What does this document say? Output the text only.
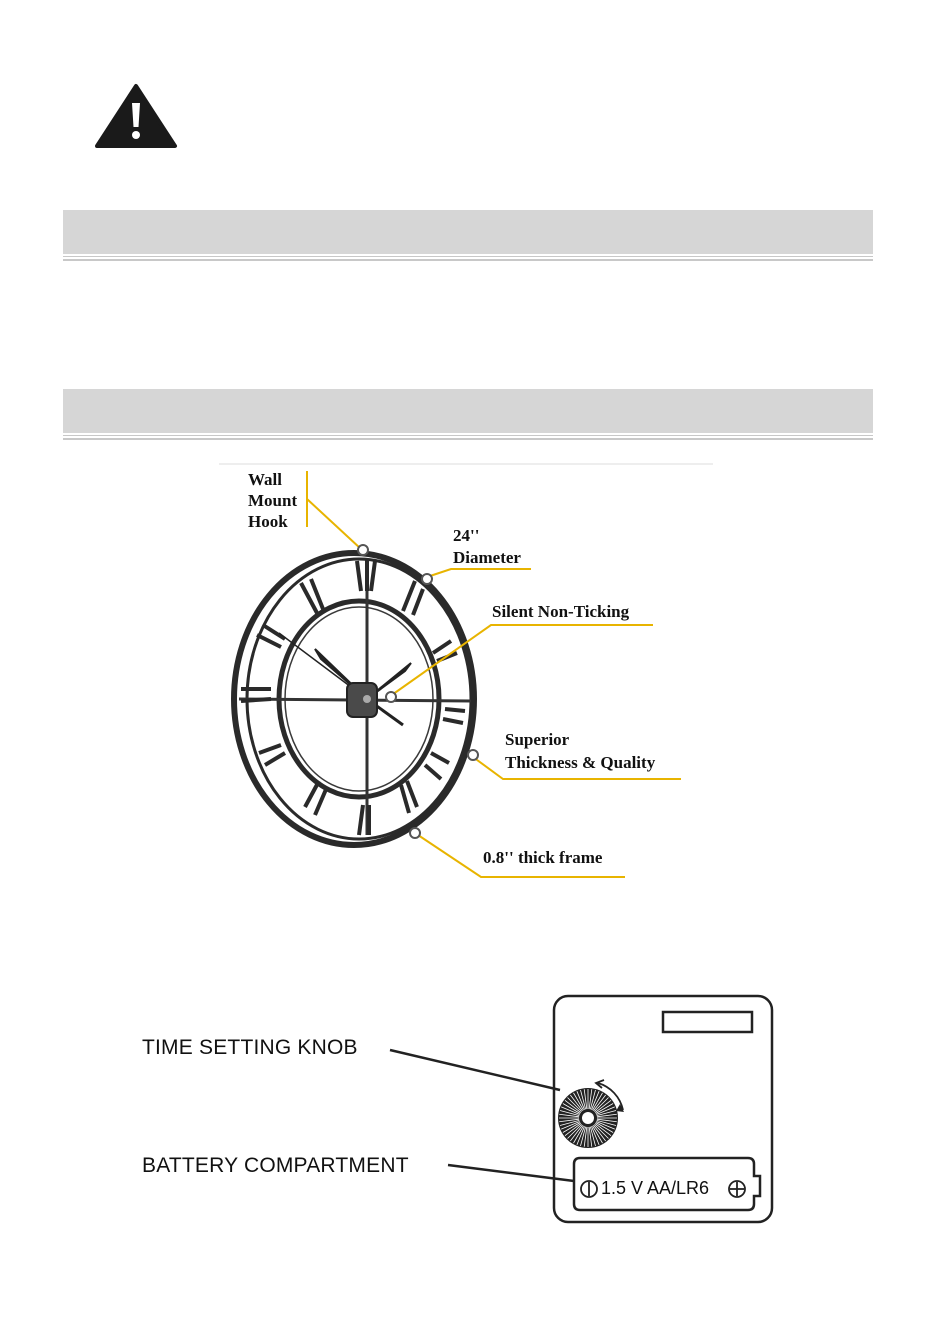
Wall
Mount
Hook
24''
Diameter
Silent Non-Ticking
Superior
Thickness & Quality
0.8'' thick frame
TIME SETTING KNOB
BATTERY COMPARTMENT
1.5 V AA/LR6
